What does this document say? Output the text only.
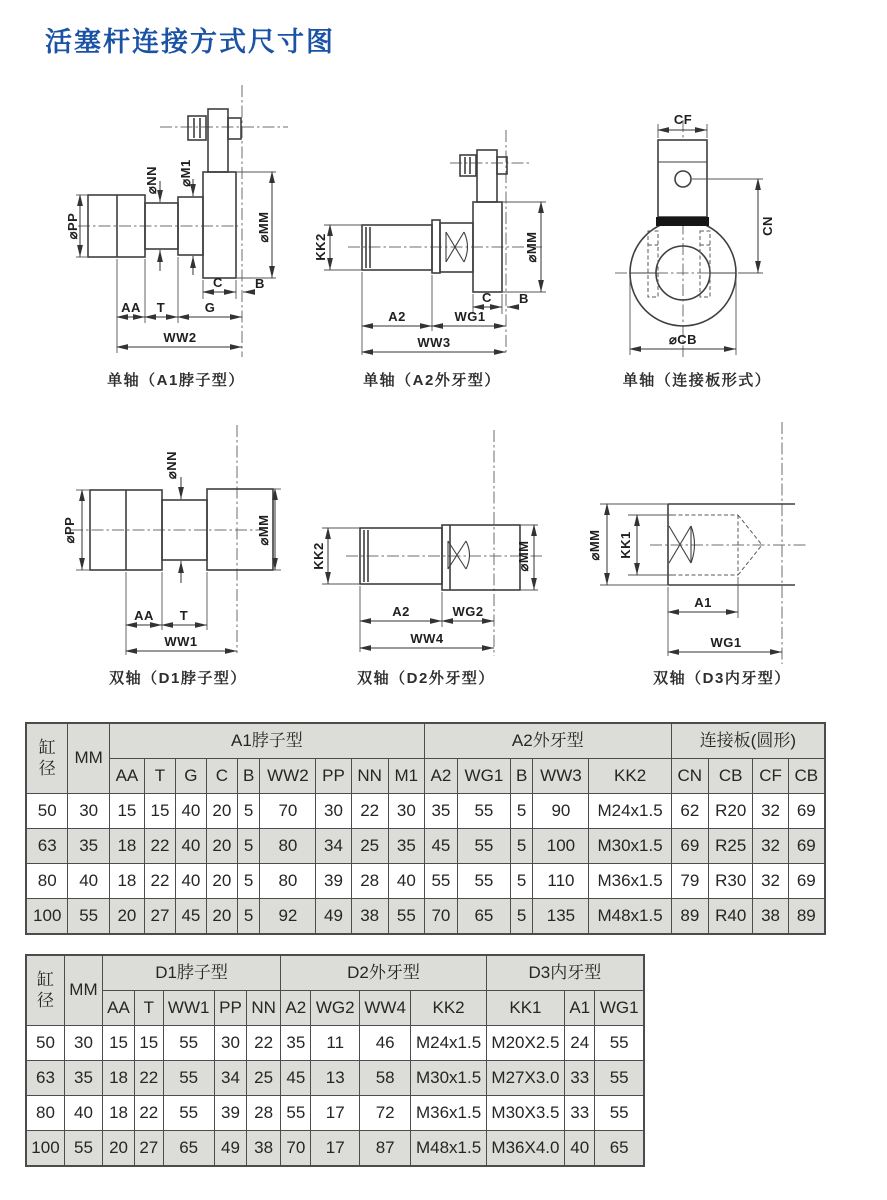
活塞杆连接方式尺寸图
⌀PP
⌀NN ⌀M1
⌀MM
C B
AA T	G
WW2
单轴（A1脖子型）
KK2	⌀MM
C B
A2	WG1
WW3
单轴（A2外牙型）
CF
CN
⌀CB
单轴（连接板形式）
⌀PP
⌀NN
⌀MM
AA T
WW1
双轴（D1脖子型）
KK2	⌀MM
A2	WG2
WW4
双轴（D2外牙型）
KK1
⌀MM
A1
WG1
双轴（D3内牙型）
缸径	MM	A1脖子型									A2外牙型					连接板(圆形)			
		AA	T	G	C	B	WW2	PP	NN	M1	A2	WG1	B	WW3	KK2	CN	CB	CF	CB
50	30	15	15	40	20	5	70	30	22	30	35	55	5	90	M24x1.5	62	R20	32	69
63	35	18	22	40	20	5	80	34	25	35	45	55	5	100	M30x1.5	69	R25	32	69
80	40	18	22	40	20	5	80	39	28	40	55	55	5	110	M36x1.5	79	R30	32	69
100	55	20	27	45	20	5	92	49	38	55	70	65	5	135	M48x1.5	89	R40	38	89
缸径	MM	D1脖子型					D2外牙型				D3内牙型		
		AA	T	WW1	PP	NN	A2	WG2	WW4	KK2	KK1	A1	WG1
50	30	15	15	55	30	22	35	11	46	M24x1.5	M20X2.5	24	55
63	35	18	22	55	34	25	45	13	58	M30x1.5	M27X3.0	33	55
80	40	18	22	55	39	28	55	17	72	M36x1.5	M30X3.5	33	55
100	55	20	27	65	49	38	70	17	87	M48x1.5	M36X4.0	40	65
